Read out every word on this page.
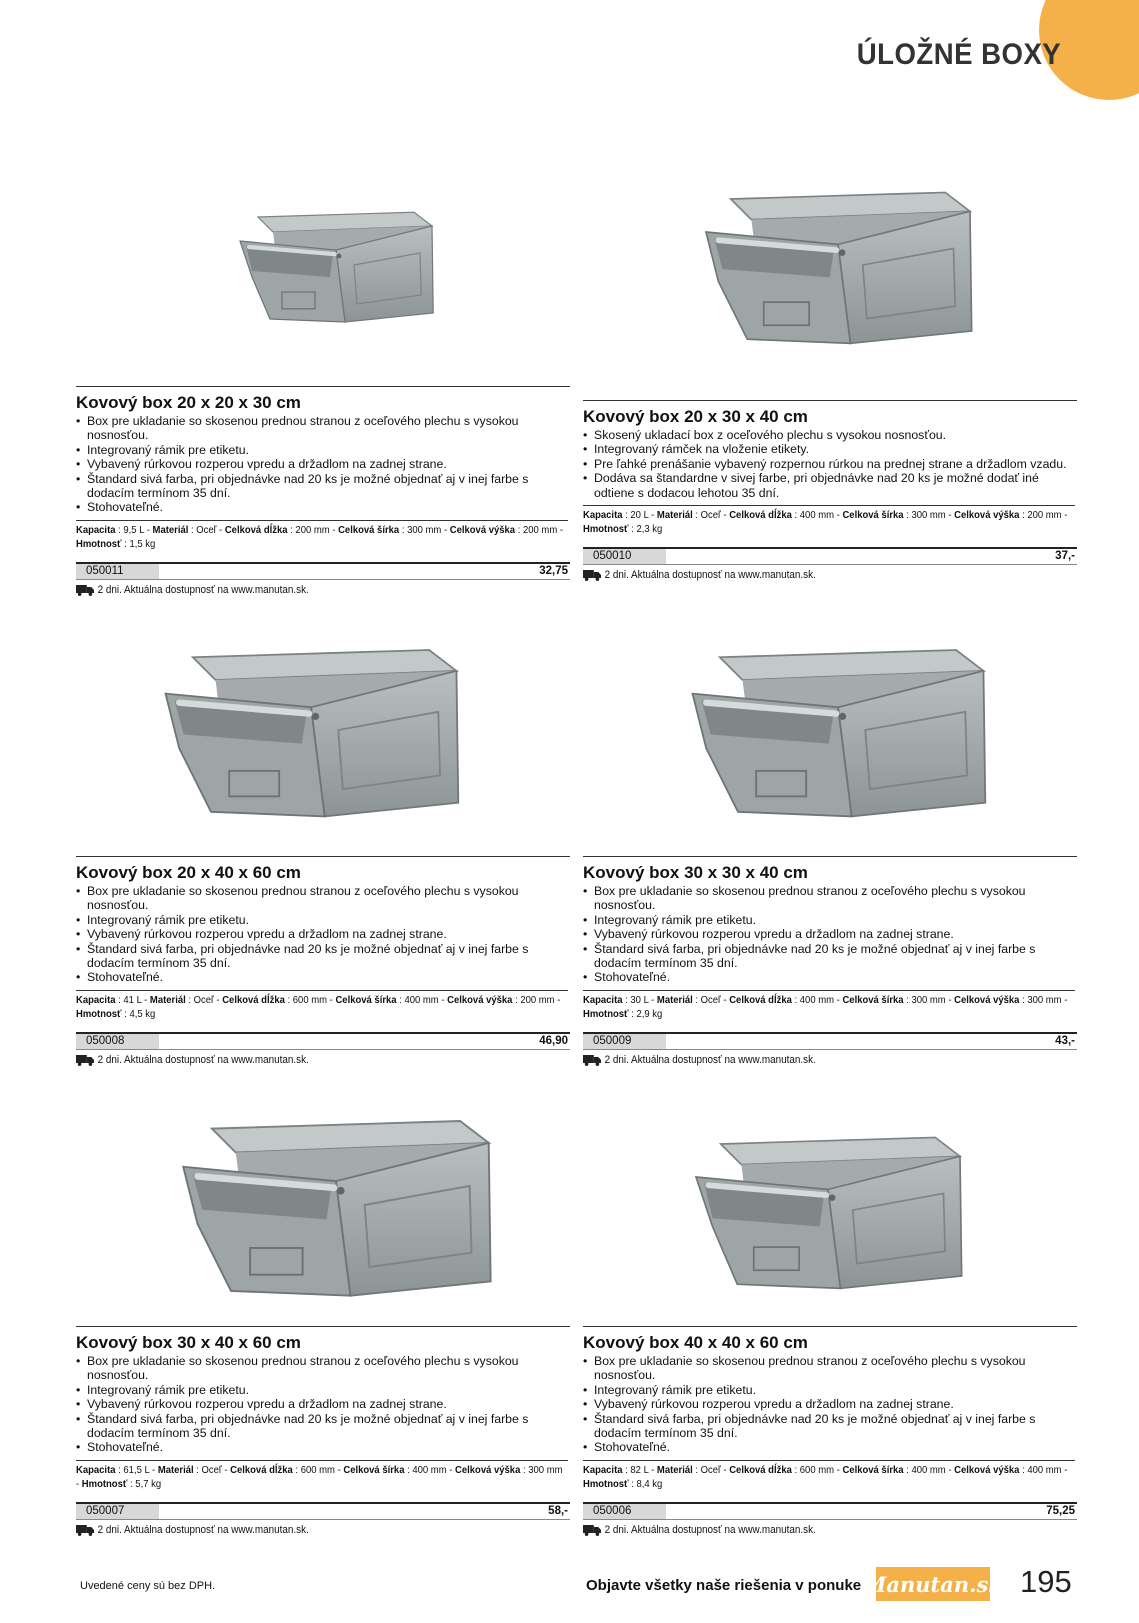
ÚLOŽNÉ BOXY
Kovový box 20 x 20 x 30 cm
• Box pre ukladanie so skosenou prednou stranou z oceľového plechu s vysokou nosnosťou.
• Integrovaný rámik pre etiketu.
• Vybavený rúrkovou rozperou vpredu a držadlom na zadnej strane.
• Štandard sivá farba, pri objednávke nad 20 ks je možné objednať aj v inej farbe s dodacím termínom 35 dní.
• Stohovateľné.
Kapacita : 9,5 L - Materiál : Oceľ - Celková dĺžka : 200 mm - Celková šírka : 300 mm - Celková výška : 200 mm - Hmotnosť : 1,5 kg
050011	32,75
2 dni. Aktuálna dostupnosť na www.manutan.sk.
Kovový box 20 x 30 x 40 cm
• Skosený ukladací box z oceľového plechu s vysokou nosnosťou.
• Integrovaný rámček na vloženie etikety.
• Pre ľahké prenášanie vybavený rozpernou rúrkou na prednej strane a držadlom vzadu.
• Dodáva sa štandardne v sivej farbe, pri objednávke nad 20 ks je možné dodať iné odtiene s dodacou lehotou 35 dní.
Kapacita : 20 L - Materiál : Oceľ - Celková dĺžka : 400 mm - Celková šírka : 300 mm - Celková výška : 200 mm - Hmotnosť : 2,3 kg
050010	37,-
2 dni. Aktuálna dostupnosť na www.manutan.sk.
Kovový box 20 x 40 x 60 cm
• Box pre ukladanie so skosenou prednou stranou z oceľového plechu s vysokou nosnosťou.
• Integrovaný rámik pre etiketu.
• Vybavený rúrkovou rozperou vpredu a držadlom na zadnej strane.
• Štandard sivá farba, pri objednávke nad 20 ks je možné objednať aj v inej farbe s dodacím termínom 35 dní.
• Stohovateľné.
Kapacita : 41 L - Materiál : Oceľ - Celková dĺžka : 600 mm - Celková šírka : 400 mm - Celková výška : 200 mm - Hmotnosť : 4,5 kg
050008	46,90
2 dni. Aktuálna dostupnosť na www.manutan.sk.
Kovový box 30 x 30 x 40 cm
• Box pre ukladanie so skosenou prednou stranou z oceľového plechu s vysokou nosnosťou.
• Integrovaný rámik pre etiketu.
• Vybavený rúrkovou rozperou vpredu a držadlom na zadnej strane.
• Štandard sivá farba, pri objednávke nad 20 ks je možné objednať aj v inej farbe s dodacím termínom 35 dní.
• Stohovateľné.
Kapacita : 30 L - Materiál : Oceľ - Celková dĺžka : 400 mm - Celková šírka : 300 mm - Celková výška : 300 mm - Hmotnosť : 2,9 kg
050009	43,-
2 dni. Aktuálna dostupnosť na www.manutan.sk.
Kovový box 30 x 40 x 60 cm
• Box pre ukladanie so skosenou prednou stranou z oceľového plechu s vysokou nosnosťou.
• Integrovaný rámik pre etiketu.
• Vybavený rúrkovou rozperou vpredu a držadlom na zadnej strane.
• Štandard sivá farba, pri objednávke nad 20 ks je možné objednať aj v inej farbe s dodacím termínom 35 dní.
• Stohovateľné.
Kapacita : 61,5 L - Materiál : Oceľ - Celková dĺžka : 600 mm - Celková šírka : 400 mm - Celková výška : 300 mm - Hmotnosť : 5,7 kg
050007	58,-
2 dni. Aktuálna dostupnosť na www.manutan.sk.
Kovový box 40 x 40 x 60 cm
• Box pre ukladanie so skosenou prednou stranou z oceľového plechu s vysokou nosnosťou.
• Integrovaný rámik pre etiketu.
• Vybavený rúrkovou rozperou vpredu a držadlom na zadnej strane.
• Štandard sivá farba, pri objednávke nad 20 ks je možné objednať aj v inej farbe s dodacím termínom 35 dní.
• Stohovateľné.
Kapacita : 82 L - Materiál : Oceľ - Celková dĺžka : 600 mm - Celková šírka : 400 mm - Celková výška : 400 mm - Hmotnosť : 8,4 kg
050006	75,25
2 dni. Aktuálna dostupnosť na www.manutan.sk.
Uvedené ceny sú bez DPH.	Objavte všetky naše riešenia v ponuke Manutan.sk 195
